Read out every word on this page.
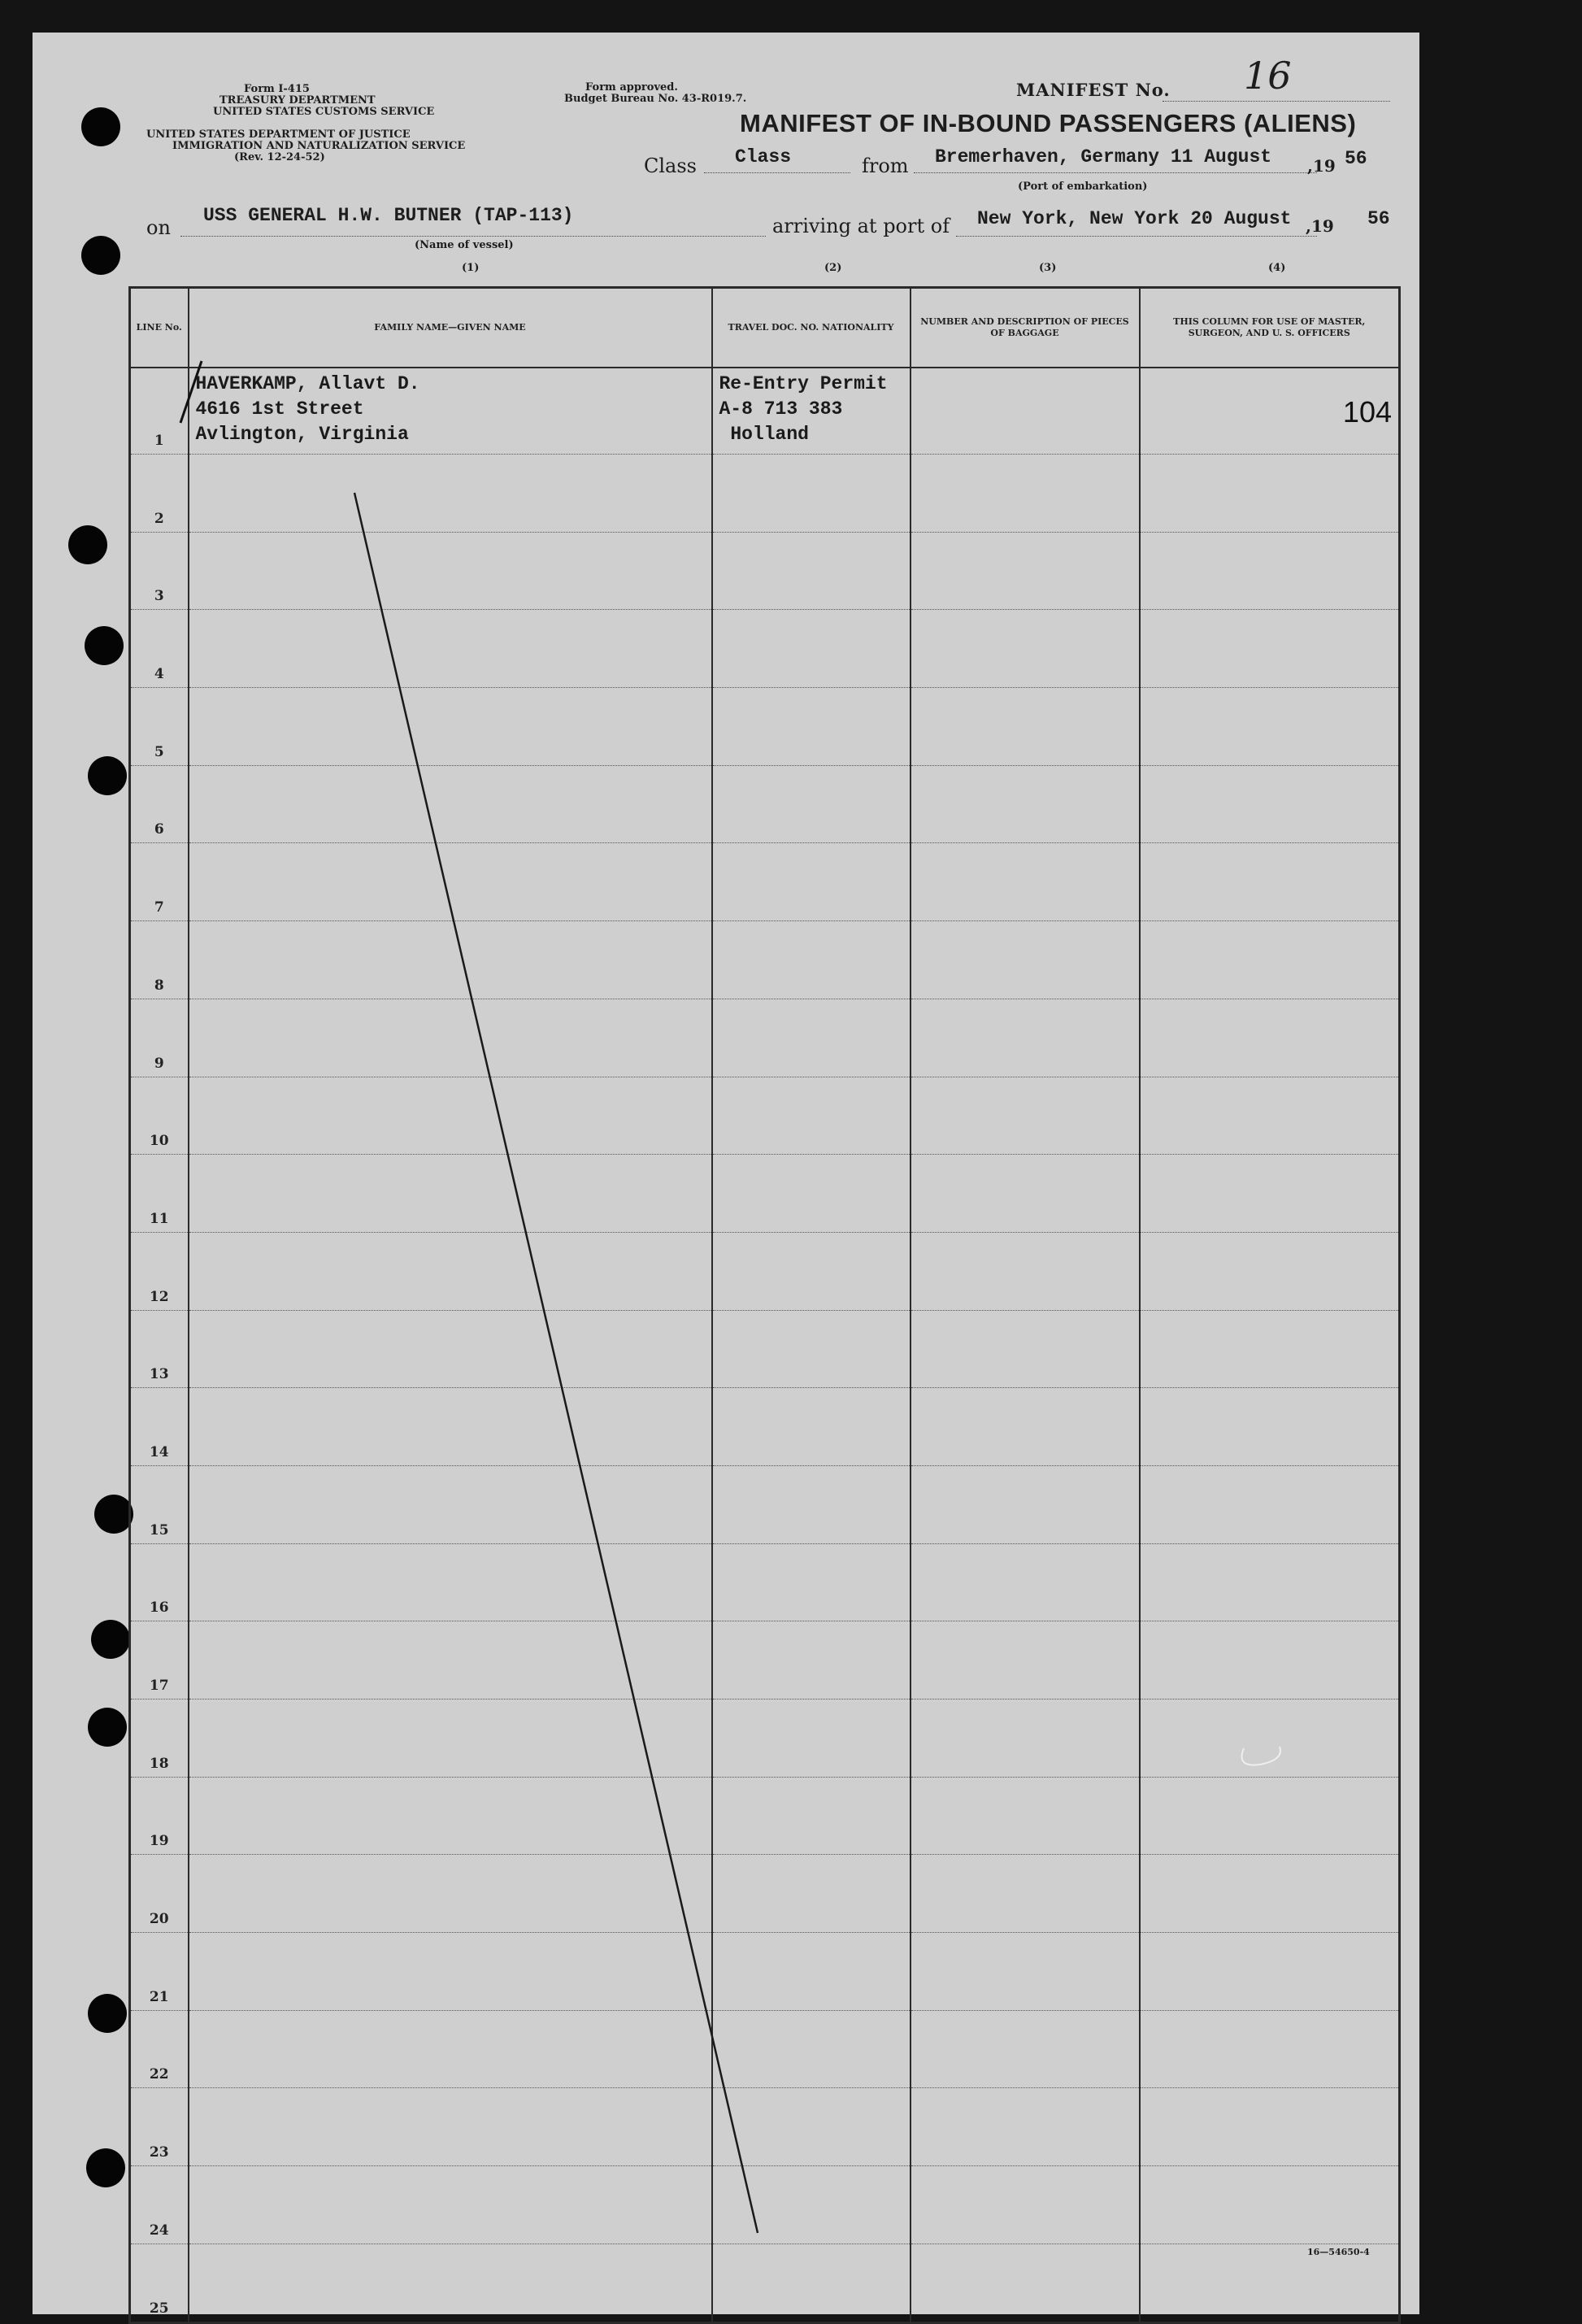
Form I-415
TREASURY DEPARTMENT
UNITED STATES CUSTOMS SERVICE
UNITED STATES DEPARTMENT OF JUSTICE
IMMIGRATION AND NATURALIZATION SERVICE
(Rev. 12-24-52)
Form approved.
Budget Bureau No. 43-R019.7.	MANIFEST No. 16
MANIFEST OF IN-BOUND PASSENGERS (ALIENS)
Class Class	from Bremerhaven, Germany 11 August ,19 56
(Port of embarkation)
on
USS GENERAL H.W. BUTNER (TAP-113)
(Name of vessel)
arriving at port of New York, New York 20 August ,19 56
(1)	(2)	(3)	(4)
LINE No.	FAMILY NAME—GIVEN NAME	TRAVEL DOC. NO. NATIONALITY	NUMBER AND DESCRIPTION OF PIECES OF BAGGAGE	THIS COLUMN FOR USE OF MASTER, SURGEON, AND U. S. OFFICERS
1	HAVERKAMP, Allavt D.
4616 1st Street
Avlington, Virginia	Re-Entry Permit
A-8 713 383
Holland		104

2				
3				
4				
5				
6				
7				
8				
9				
10				
11				
12				
13				
14				
15				
16				
17				
18				
19				
20				
21				
22				
23				
24				
25				
16—54650-4
